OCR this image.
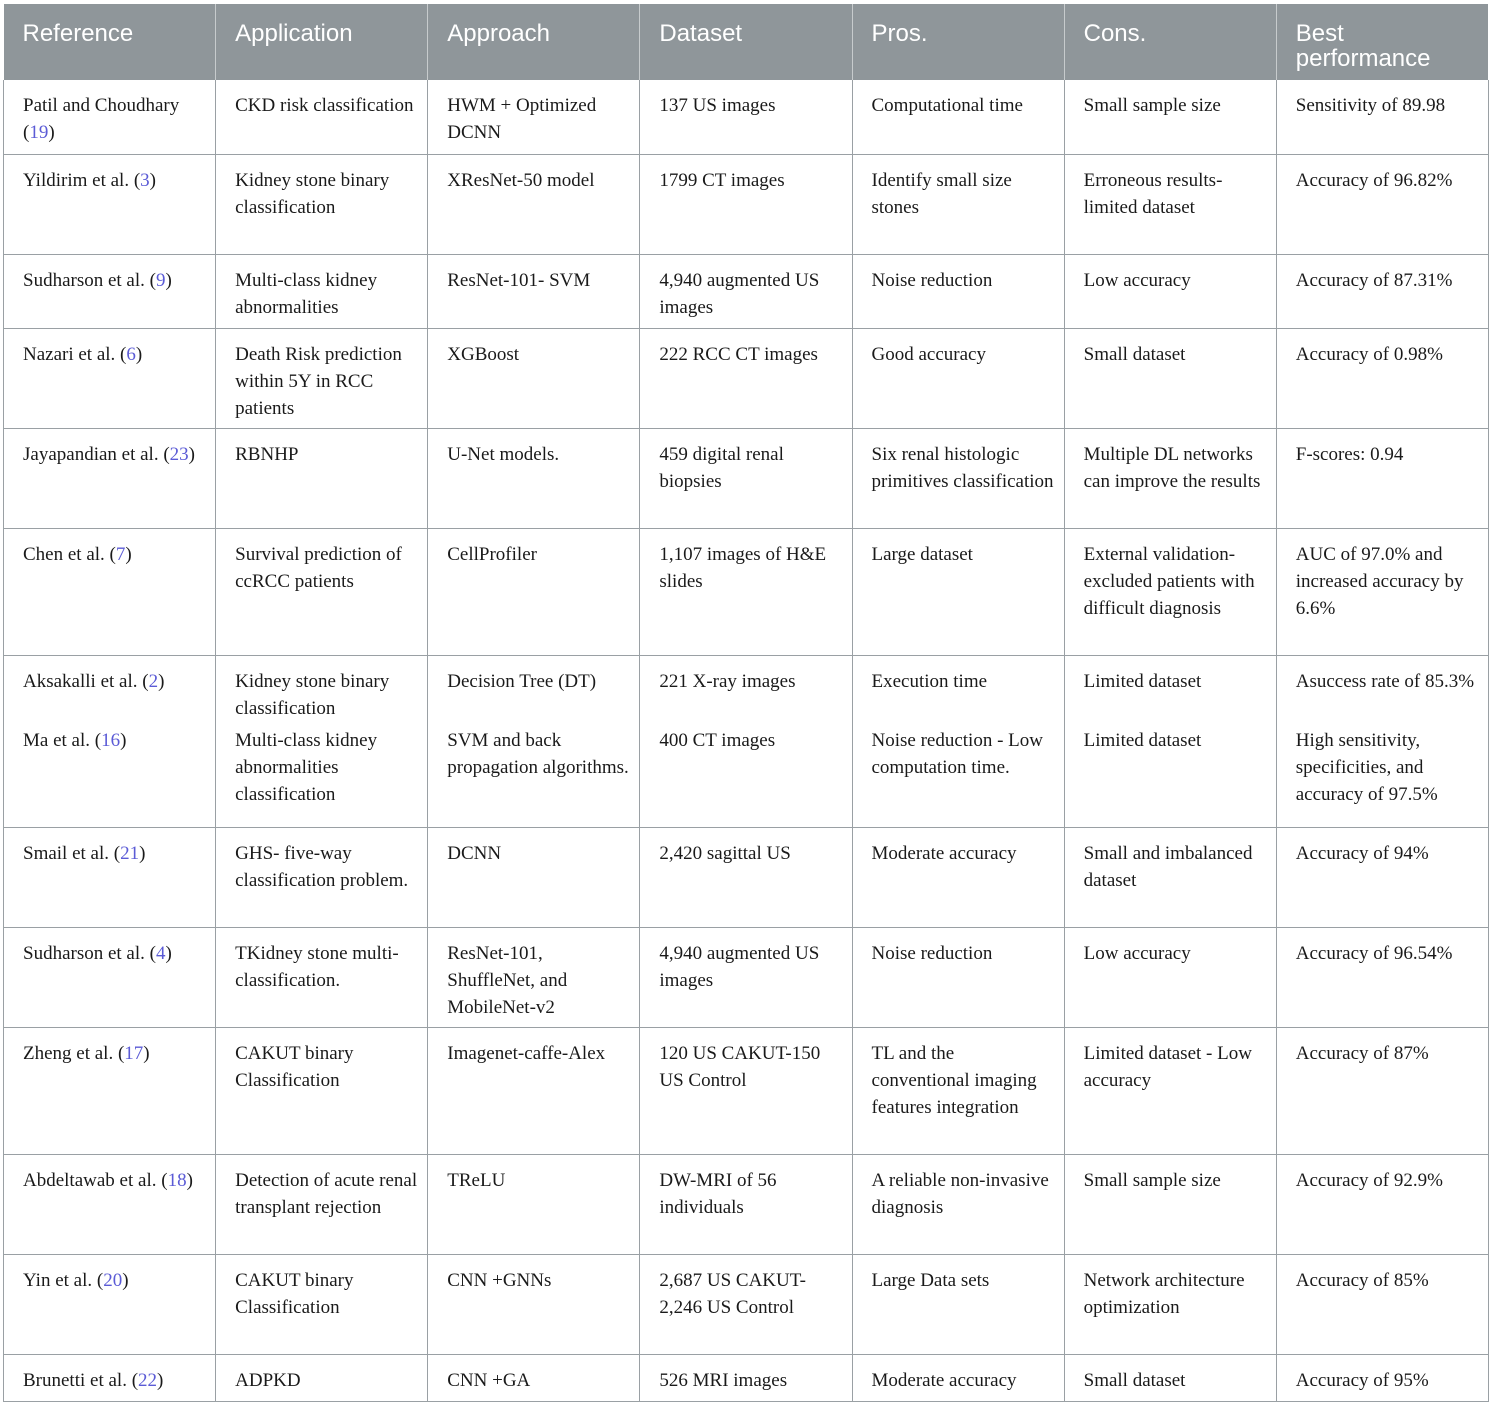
Reference	Application	Approach	Dataset	Pros.	Cons.	Best performance
Patil and Choudhary (19)	CKD risk classification	HWM + Optimized DCNN	137 US images	Computational time	Small sample size	Sensitivity of 89.98
Yildirim et al. (3)	Kidney stone binary classification	XResNet-50 model	1799 CT images	Identify small size stones	Erroneous results-limited dataset	Accuracy of 96.82%
Sudharson et al. (9)	Multi-class kidney abnormalities	ResNet-101- SVM	4,940 augmented US images	Noise reduction	Low accuracy	Accuracy of 87.31%
Nazari et al. (6)	Death Risk prediction within 5Y in RCC patients	XGBoost	222 RCC CT images	Good accuracy	Small dataset	Accuracy of 0.98%
Jayapandian et al. (23)	RBNHP	U-Net models.	459 digital renal biopsies	Six renal histologic primitives classification	Multiple DL networks can improve the results	F-scores: 0.94
Chen et al. (7)	Survival prediction of ccRCC patients	CellProfiler	1,107 images of H&E slides	Large dataset	External validation-excluded patients with difficult diagnosis	AUC of 97.0% and increased accuracy by 6.6%
Aksakalli et al. (2)	Kidney stone binary classification	Decision Tree (DT)	221 X-ray images	Execution time	Limited dataset	Asuccess rate of 85.3%
Ma et al. (16)	Multi-class kidney abnormalities classification	SVM and back propagation algorithms.	400 CT images	Noise reduction - Low computation time.	Limited dataset	High sensitivity, specificities, and accuracy of 97.5%
Smail et al. (21)	GHS- five-way classification problem.	DCNN	2,420 sagittal US	Moderate accuracy	Small and imbalanced dataset	Accuracy of 94%
Sudharson et al. (4)	TKidney stone multi- classification.	ResNet-101, ShuffleNet, and MobileNet-v2	4,940 augmented US images	Noise reduction	Low accuracy	Accuracy of 96.54%
Zheng et al. (17)	CAKUT binary Classification	Imagenet-caffe-Alex	120 US CAKUT-150 US Control	TL and the conventional imaging features integration	Limited dataset - Low accuracy	Accuracy of 87%
Abdeltawab et al. (18)	Detection of acute renal transplant rejection	TReLU	DW-MRI of 56 individuals	A reliable non-invasive diagnosis	Small sample size	Accuracy of 92.9%
Yin et al. (20)	CAKUT binary Classification	CNN +GNNs	2,687 US CAKUT-2,246 US Control	Large Data sets	Network architecture optimization	Accuracy of 85%
Brunetti et al. (22)	ADPKD	CNN +GA	526 MRI images	Moderate accuracy	Small dataset	Accuracy of 95%
